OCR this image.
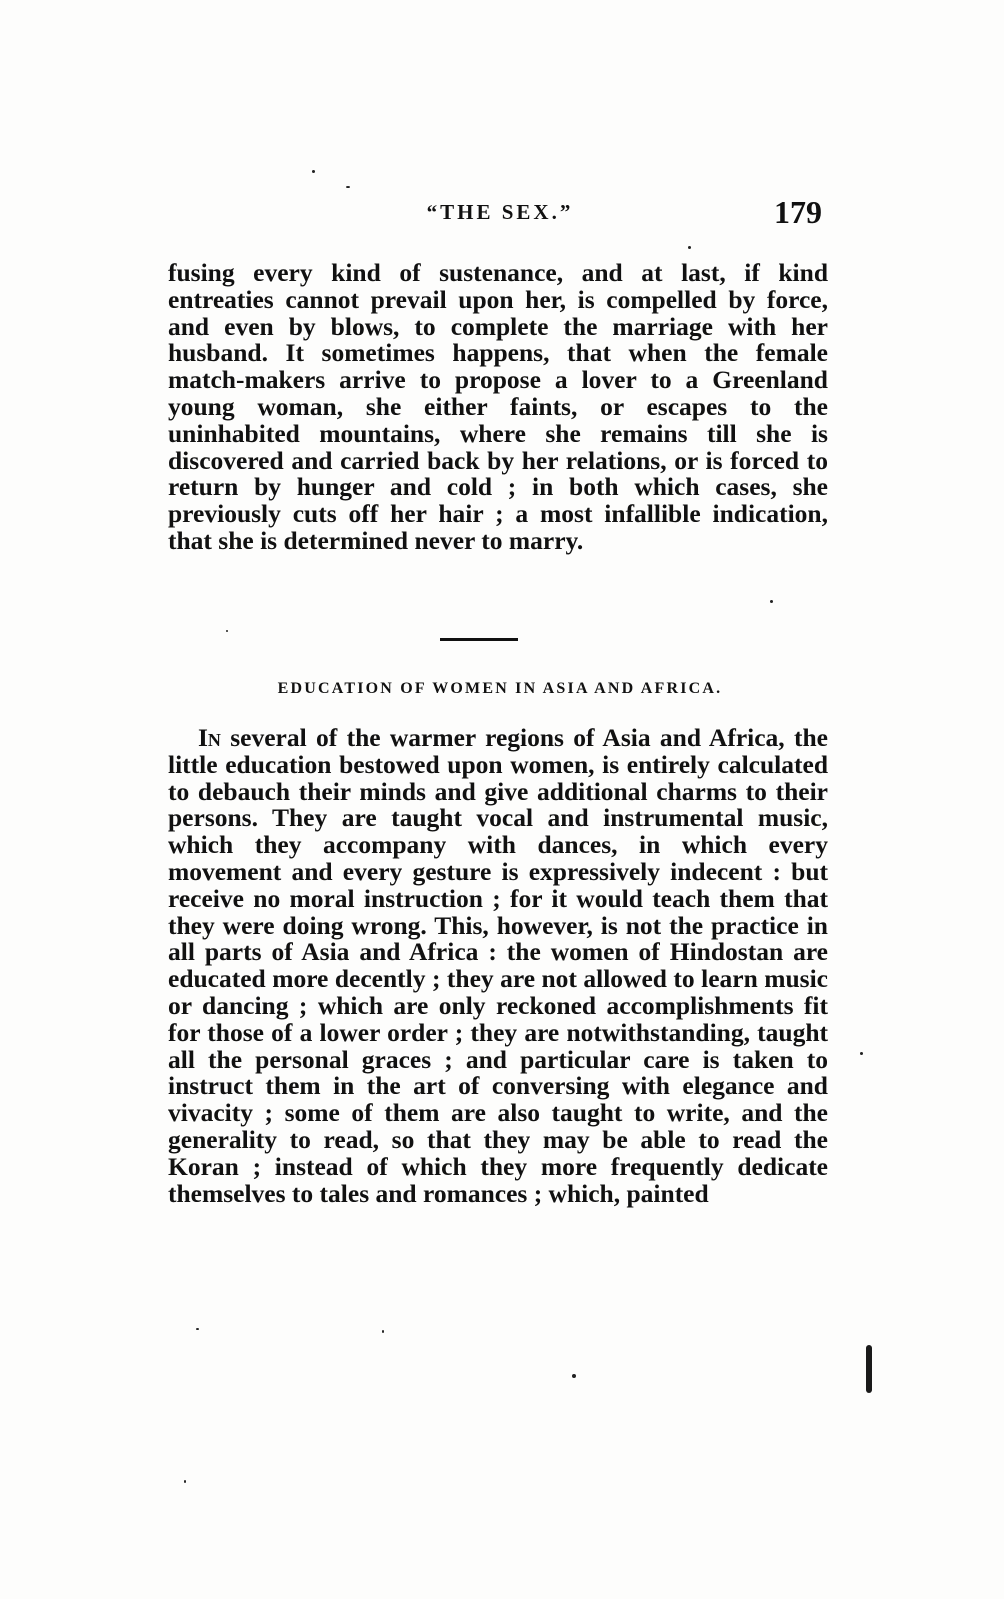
“THE SEX.”	179

fusing every kind of sustenance, and at last, if kind entreaties cannot prevail upon her, is compelled by force, and even by blows, to complete the marriage with her husband. It sometimes happens, that when the female match-makers arrive to propose a lover to a Greenland young woman, she either faints, or escapes to the uninhabited mountains, where she remains till she is discovered and carried back by her relations, or is forced to return by hunger and cold ; in both which cases, she previously cuts off her hair ; a most infallible indication, that she is determined never to marry.

EDUCATION OF WOMEN IN ASIA AND AFRICA.

In several of the warmer regions of Asia and Africa, the little education bestowed upon women, is entirely calculated to debauch their minds and give additional charms to their persons. They are taught vocal and instrumental music, which they accompany with dances, in which every movement and every gesture is expressively indecent : but receive no moral instruction ; for it would teach them that they were doing wrong. This, however, is not the practice in all parts of Asia and Africa : the women of Hindostan are educated more decently ; they are not allowed to learn music or dancing ; which are only reckoned accomplishments fit for those of a lower order ; they are notwithstanding, taught all the personal graces ; and particular care is taken to instruct them in the art of conversing with elegance and vivacity ; some of them are also taught to write, and the generality to read, so that they may be able to read the Koran ; instead of which they more frequently dedicate themselves to tales and romances ; which, painted
